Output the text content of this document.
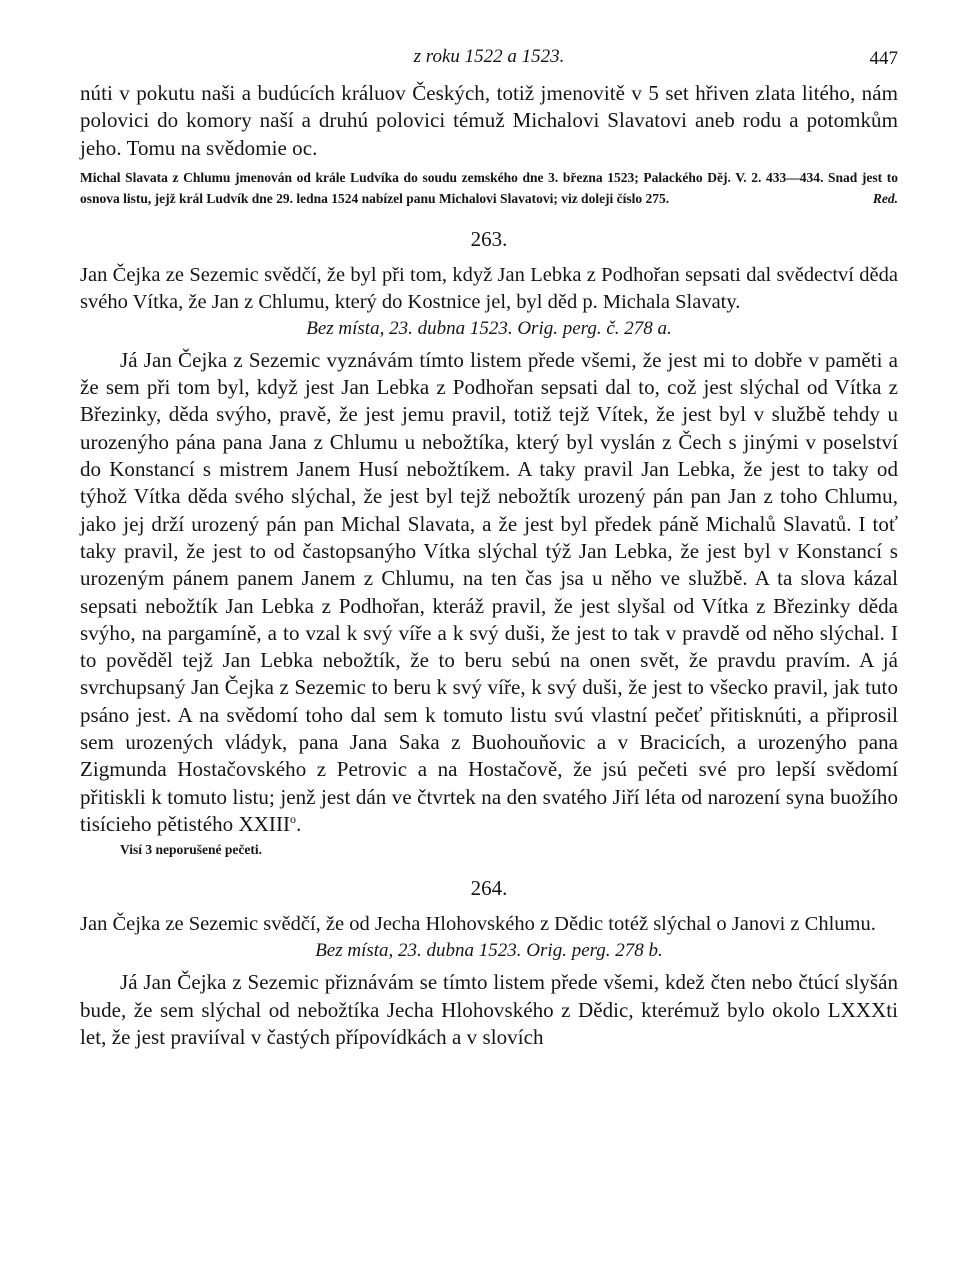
z roku 1522 a 1523.	447

núti v pokutu naši a budúcích králuov Českých, totiž jmenovitě v 5 set hřiven zlata litého, nám polovici do komory naší a druhú polovici témuž Michalovi Slavatovi aneb rodu a potomkům jeho. Tomu na svědomie oc.

Michal Slavata z Chlumu jmenován od krále Ludvíka do soudu zemského dne 3. března 1523; Palackého Děj. V. 2. 433—434. Snad jest to osnova listu, jejž král Ludvík dne 29. ledna 1524 nabízel panu Michalovi Slavatovi; viz doleji číslo 275.	Red.

263.

Jan Čejka ze Sezemic svědčí, že byl při tom, když Jan Lebka z Podhořan sepsati dal svědectví děda svého Vítka, že Jan z Chlumu, který do Kostnice jel, byl děd p. Michala Slavaty.

Bez místa, 23. dubna 1523. Orig. perg. č. 278 a.

Já Jan Čejka z Sezemic vyznávám tímto listem přede všemi, že jest mi to dobře v paměti a že sem při tom byl, když jest Jan Lebka z Podhořan sepsati dal to, což jest slýchal od Vítka z Březinky, děda svýho, pravě, že jest jemu pravil, totiž tejž Vítek, že jest byl v službě tehdy u urozenýho pána pana Jana z Chlumu u nebožtíka, který byl vyslán z Čech s jinými v poselství do Konstancí s mistrem Janem Husí nebožtíkem. A taky pravil Jan Lebka, že jest to taky od týhož Vítka děda svého slýchal, že jest byl tejž nebožtík urozený pán pan Jan z toho Chlumu, jako jej drží urozený pán pan Michal Slavata, a že jest byl předek páně Michalů Slavatů. I toť taky pravil, že jest to od častopsanýho Vítka slýchal týž Jan Lebka, že jest byl v Konstancí s urozeným pánem panem Janem z Chlumu, na ten čas jsa u něho ve službě. A ta slova kázal sepsati nebožtík Jan Lebka z Podhořan, kteráž pravil, že jest slyšal od Vítka z Březinky děda svýho, na pargamíně, a to vzal k svý víře a k svý duši, že jest to tak v pravdě od něho slýchal. I to pověděl tejž Jan Lebka nebožtík, že to beru sebú na onen svět, že pravdu pravím. A já svrchupsaný Jan Čejka z Sezemic to beru k svý víře, k svý duši, že jest to všecko pravil, jak tuto psáno jest. A na svědomí toho dal sem k tomuto listu svú vlastní pečeť přitisknúti, a připrosil sem urozených vládyk, pana Jana Saka z Buohouňovic a v Bracicích, a urozenýho pana Zigmunda Hostačovského z Petrovic a na Hostačově, že jsú pečeti své pro lepší svědomí přitiskli k tomuto listu; jenž jest dán ve čtvrtek na den svatého Jiří léta od narození syna buožího tisícieho pětistého XXIII$^o$.

Visí 3 neporušené pečeti.
264.

Jan Čejka ze Sezemic svědčí, že od Jecha Hlohovského z Dědic totéž slýchal o Janovi z Chlumu.

Bez místa, 23. dubna 1523. Orig. perg. 278 b.

Já Jan Čejka z Sezemic přiznávám se tímto listem přede všemi, kdež čten nebo čtúcí slyšán bude, že sem slýchal od nebožtíka Jecha Hlohovského z Dědic, kterémuž bylo okolo LXXXti let, že jest praviíval v častých přípovídkách a v slovích
